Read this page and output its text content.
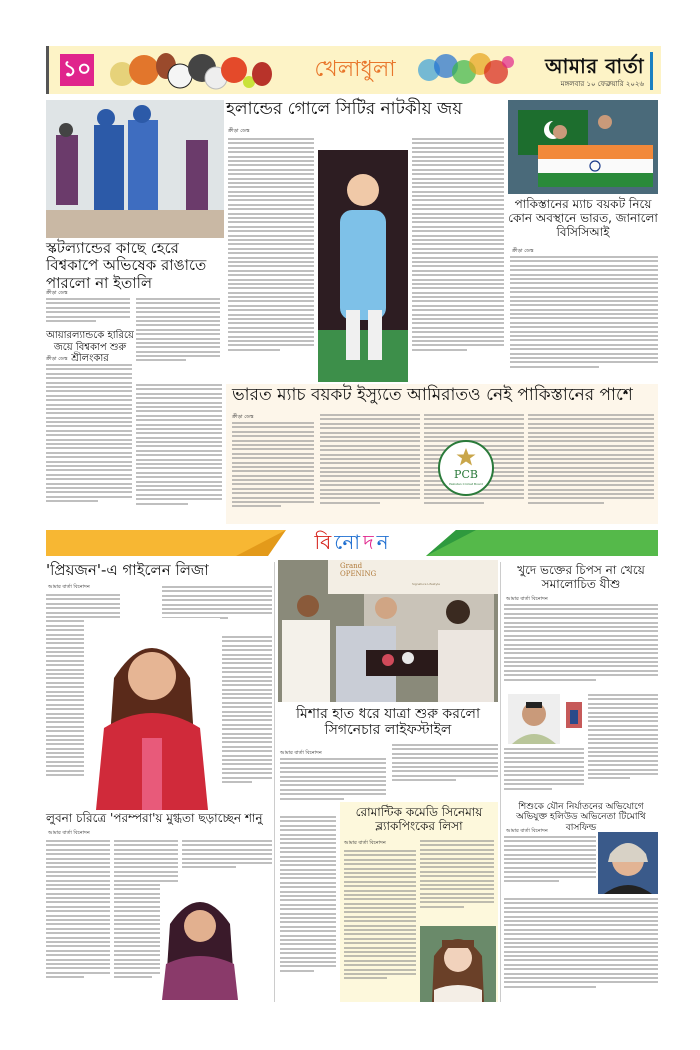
১০	খেলাধুলা	আমার বার্তা
মঙ্গলবার ১০ ফেব্রুয়ারি ২০২৬
স্কটল্যান্ডের কাছে হেরে বিশ্বকাপে অভিষেক রাঙাতে পারলো না ইতালি
ক্রীড়া ডেস্ক
আয়ারল্যান্ডকে হারিয়ে জয়ে বিশ্বকাপ শুরু শ্রীলংকার
ক্রীড়া ডেস্ক
হলান্ডের গোলে সিটির নাটকীয় জয়
ক্রীড়া ডেস্ক
পাকিস্তানের ম্যাচ বয়কট নিয়ে কোন অবস্থানে ভারত, জানালো বিসিসিআই
ক্রীড়া ডেস্ক
ভারত ম্যাচ বয়কট ইস্যুতে আমিরাতও নেই পাকিস্তানের পাশে
ক্রীড়া ডেস্ক
PCB
Pakistan Cricket Board
বিনোদন
'প্রিয়জন'-এ গাইলেন লিজা
আমার বার্তা বিনোদন
লুবনা চরিত্রে 'পরম্পরা'য় মুগ্ধতা ছড়াচ্ছেন শানু
আমার বার্তা বিনোদন
Grand OPENING
Signature Lifestyle
মিশার হাত ধরে যাত্রা শুরু করলো সিগনেচার লাইফস্টাইল
আমার বার্তা বিনোদন
রোমান্টিক কমেডি সিনেমায় ব্ল্যাকপিংকের লিসা
আমার বার্তা বিনোদন
খুদে ভক্তের চিপস না খেয়ে সমালোচিত যীশু
আমার বার্তা বিনোদন
শিশুকে যৌন নির্যাতনের অভিযোগে অভিযুক্ত হলিউড অভিনেতা টিমোথি বাসফিল্ড
আমার বার্তা বিনোদন
